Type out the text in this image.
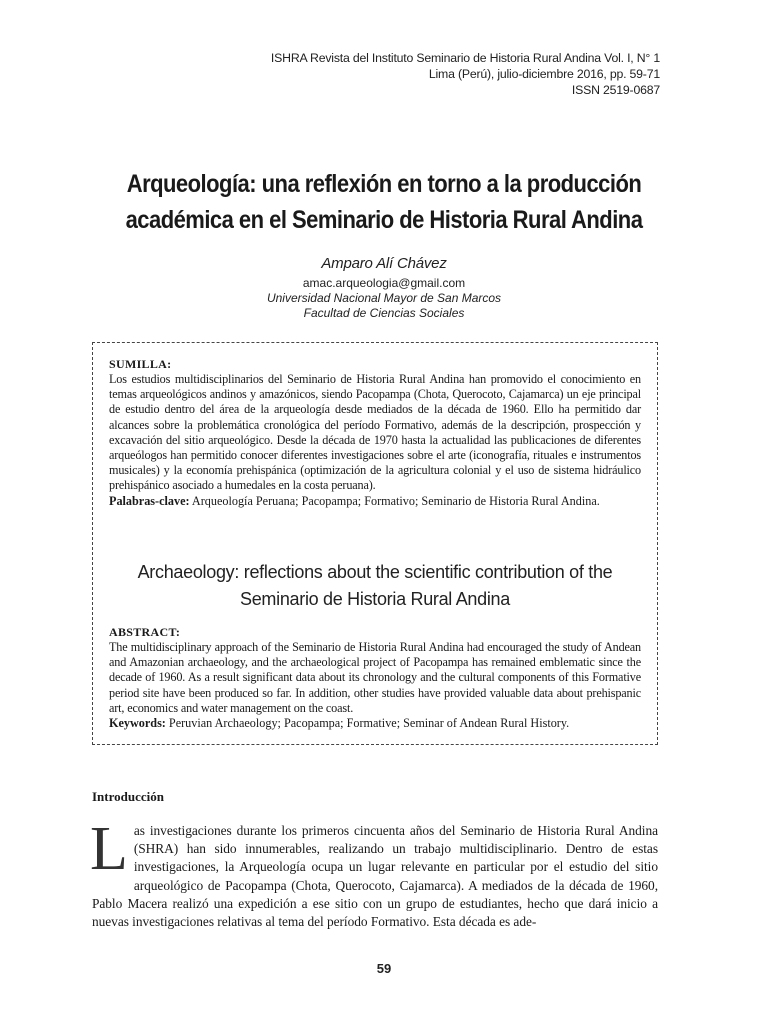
ISHRA Revista del Instituto Seminario de Historia Rural Andina Vol. I, N° 1
Lima (Perú), julio-diciembre 2016, pp. 59-71
ISSN 2519-0687
Arqueología: una reflexión en torno a la producción
académica en el Seminario de Historia Rural Andina
Amparo Alí Chávez
amac.arqueologia@gmail.com
Universidad Nacional Mayor de San Marcos
Facultad de Ciencias Sociales
SUMILLA:
Los estudios multidisciplinarios del Seminario de Historia Rural Andina han promovido el conocimiento en temas arqueológicos andinos y amazónicos, siendo Pacopampa (Chota, Querocoto, Cajamarca) un eje principal de estudio dentro del área de la arqueología desde mediados de la década de 1960. Ello ha permitido dar alcances sobre la problemática cronológica del período Formativo, además de la descripción, prospección y excavación del sitio arqueológico. Desde la década de 1970 hasta la actualidad las publicaciones de diferentes arqueólogos han permitido conocer diferentes investigaciones sobre el arte (iconografía, rituales e instrumentos musicales) y la economía prehispánica (optimización de la agricultura colonial y el uso de sistema hidráulico prehispánico asociado a humedales en la costa peruana).
Palabras-clave: Arqueología Peruana; Pacopampa; Formativo; Seminario de Historia Rural Andina.
Archaeology: reflections about the scientific contribution of the
Seminario de Historia Rural Andina
ABSTRACT:
The multidisciplinary approach of the Seminario de Historia Rural Andina had encouraged the study of Andean and Amazonian archaeology, and the archaeological project of Pacopampa has remained emblematic since the decade of 1960. As a result significant data about its chronology and the cultural components of this Formative period site have been produced so far. In addition, other studies have provided valuable data about prehispanic art, economics and water management on the coast.
Keywords: Peruvian Archaeology; Pacopampa; Formative; Seminar of Andean Rural History.
Introducción
Las investigaciones durante los primeros cincuenta años del Seminario de Historia Rural Andina (SHRA) han sido innumerables, realizando un trabajo multidisciplinario. Dentro de estas investigaciones, la Arqueología ocupa un lugar relevante en particular por el estudio del sitio arqueológico de Pacopampa (Chota, Querocoto, Cajamarca). A mediados de la década de 1960, Pablo Macera realizó una expedición a ese sitio con un grupo de estudiantes, hecho que dará inicio a nuevas investigaciones relativas al tema del período Formativo. Esta década es ade-
59
